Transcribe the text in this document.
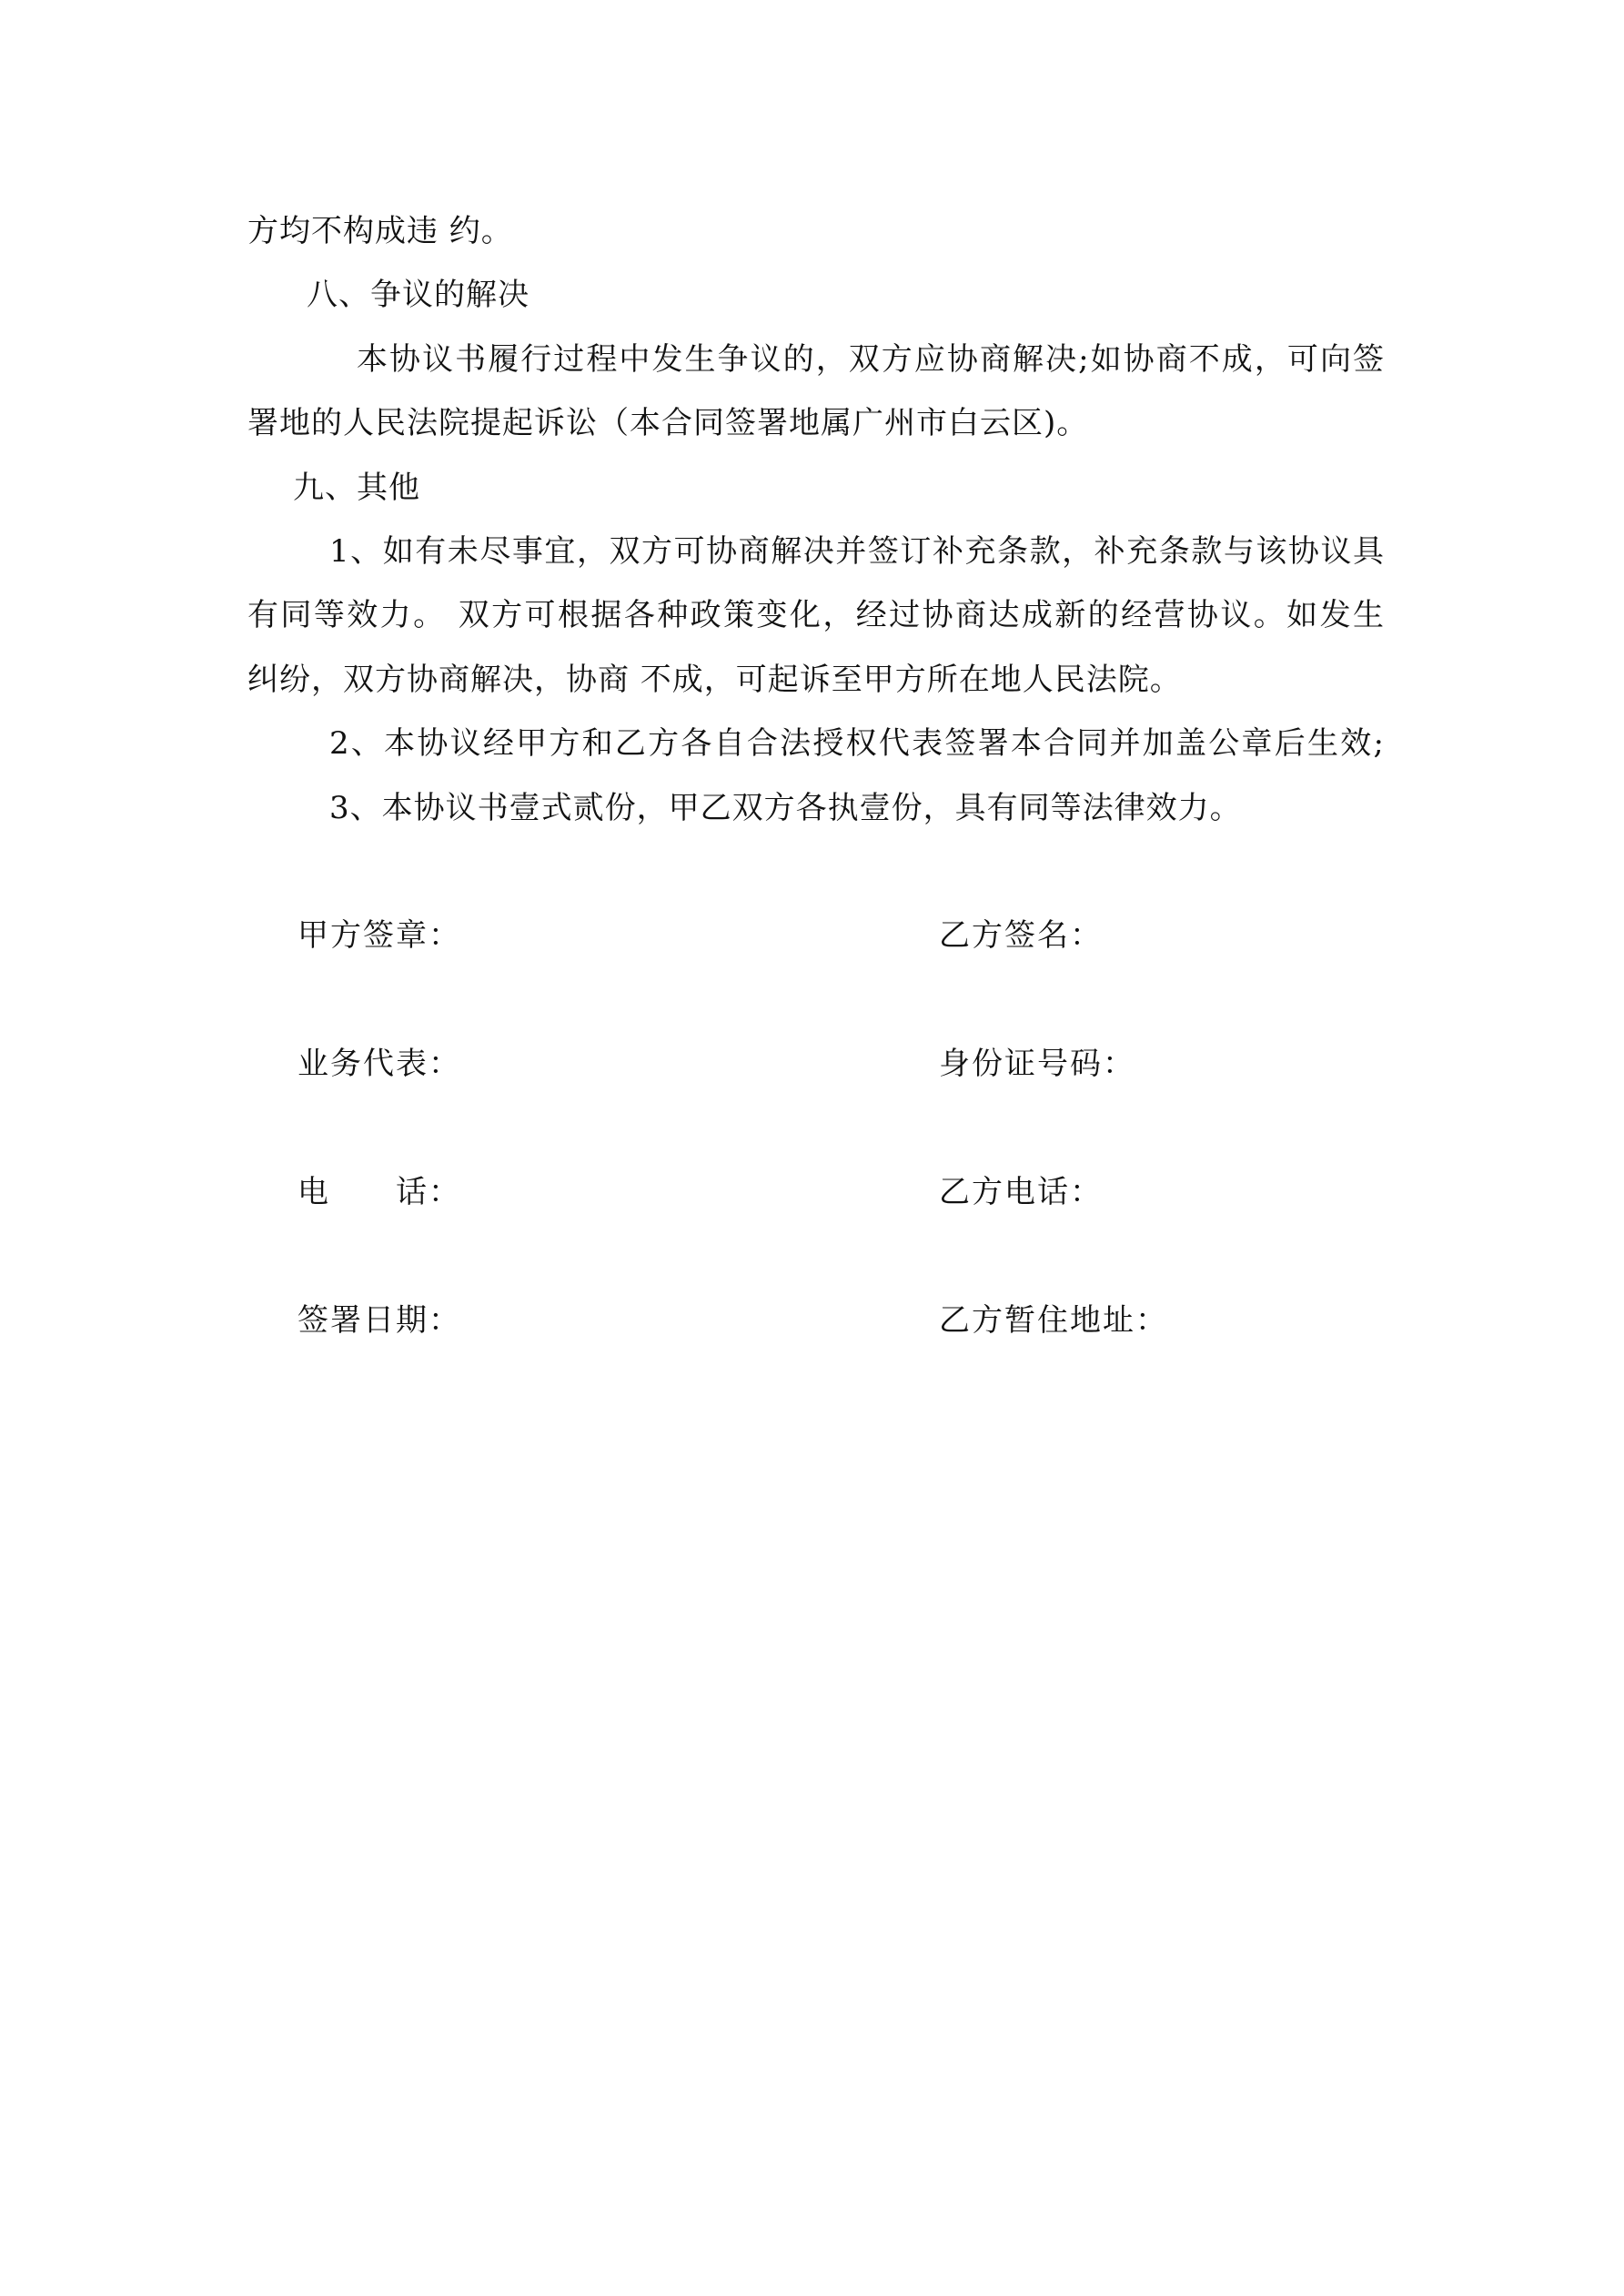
方均不构成违 约。
八、争议的解决
本协议书履行过程中发生争议的，双方应协商解决;如协商不成，可向签
署地的人民法院提起诉讼（本合同签署地属广州市白云区)。
九、其他
1、如有未尽事宜，双方可协商解决并签订补充条款，补充条款与该协议具
有同等效力。 双方可根据各种政策变化，经过协商达成新的经营协议。如发生
纠纷，双方协商解决，协商 不成，可起诉至甲方所在地人民法院。
2、本协议经甲方和乙方各自合法授权代表签署本合同并加盖公章后生效;
3、本协议书壹式贰份，甲乙双方各执壹份，具有同等法律效力。
甲方签章：	乙方签名：
业务代表：	身份证号码：
电　　话：	乙方电话：
签署日期：	乙方暂住地址：
